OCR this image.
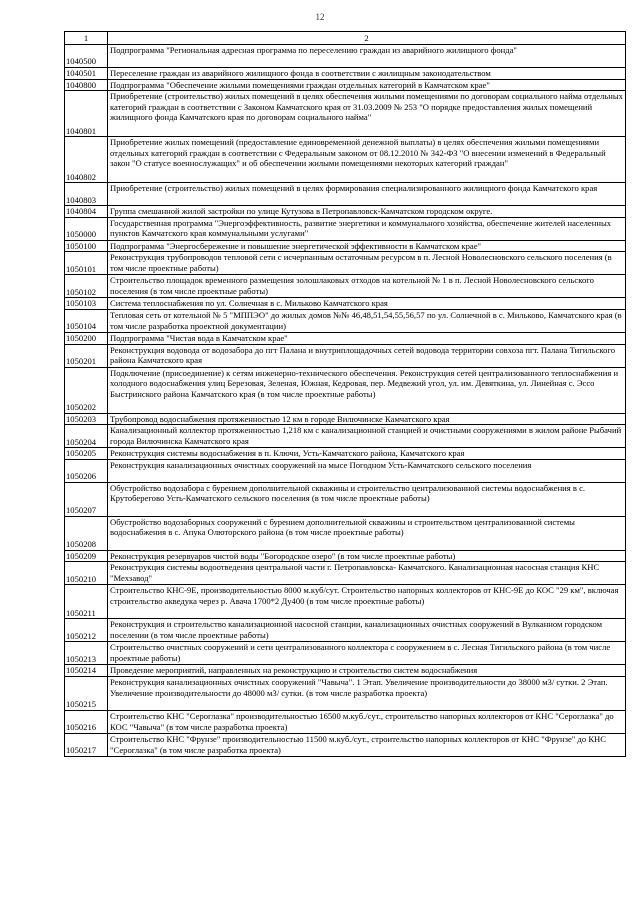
12
1	2
1040500	Подпрограмма "Региональная адресная программа по переселению граждан из аварийного жилищного фонда"
1040501	Переселение граждан из аварийного жилищного фонда в соответствии с жилищным законодательством
1040800	Подпрограмма "Обеспечение жилыми помещениями граждан отдельных категорий в Камчатском крае"
1040801	Приобретение (строительство) жилых помещений в целях обеспечения жилыми помещениями по договорам социального найма отдельных категорий граждан в соответствии с Законом Камчатского края от 31.03.2009 № 253 "О порядке предоставления жилых помещений жилищного фонда Камчатского края по договорам социального найма"
1040802	Приобретение жилых помещений (предоставление единовременной денежной выплаты) в целях обеспечения жилыми помещениями отдельных категорий граждан в соответствии с Федеральным законом от 08.12.2010 № 342-ФЗ "О внесении изменений в Федеральный закон "О статусе военнослужащих" и об обеспечении жилыми помещениями некоторых категорий граждан"
1040803	Приобретение (строительство) жилых помещений в целях формирования специализированного жилищного фонда Камчатского края
1040804	Группа смешанной жилой застройки по улице Кутузова в Петропавловск-Камчатском городском округе.
1050000	Государственная программа "Энергоэффективность, развитие энергетики и коммунального хозяйства, обеспечение жителей населенных пунктов Камчатского края коммунальными услугами"
1050100	Подпрограмма "Энергосбережение и повышение энергетической эффективности в Камчатском крае"
1050101	Реконструкция трубопроводов тепловой сети с исчерпанным остаточным ресурсом в п. Лесной Новолесновского сельского поселения (в том числе проектные работы)
1050102	Строительство площадок временного размещения золошлаковых отходов на котельной № 1 в п. Лесной Новолесновского сельского поселения (в том числе проектные работы)
1050103	Система теплоснабжения по ул. Солнечная в с. Мильково Камчатского края
1050104	Тепловая сеть от котельной № 5 "МППЭО" до жилых домов №№ 46,48,51,54,55,56,57 по ул. Солнечной в с. Мильково, Камчатского края (в том числе разработка проектной документации)
1050200	Подпрограмма "Чистая вода в Камчатском крае"
1050201	Реконструкция водовода от водозабора до пгт Палана и внутриплощадочных сетей водовода территории совхоза пгт. Палана Тигильского района Камчатского края
1050202	Подключение (присоединение) к сетям инженерно-технического обеспечения. Реконструкция сетей централизованного теплоснабжения и холодного водоснабжения улиц Березовая, Зеленая, Южная, Кедровая, пер. Медвежий угол, ул. им. Девяткина, ул. Линейная с. Эссо Быстринского района Камчатского края (в том числе проектные работы)
1050203	Трубопровод водоснабжения протяженностью 12 км в городе Вилючинске Камчатского края
1050204	Канализационный коллектор протяженностью 1,218 км с канализационной станцией и очистными сооружениями в жилом районе Рыбачий города Вилючинска Камчатского края
1050205	Реконструкция системы водоснабжения в п. Ключи, Усть-Камчатского района, Камчатского края
1050206	Реконструкция канализационных очистных сооружений на мысе Погодном Усть-Камчатского сельского поселения
1050207	Обустройство водозабора с бурением дополнительной скважины и строительство централизованной системы водоснабжения в с. Крутоберегово Усть-Камчатского сельского поселения (в том числе проектные работы)
1050208	Обустройство водозаборных сооружений с бурением дополнительной скважины и строительством централизованной системы водоснабжения в с. Апука Олюторского района (в том числе проектные работы)
1050209	Реконструкция резервуаров чистой воды "Богородское озеро" (в том числе проектные работы)
1050210	Реконструкция системы водоотведения центральной части г. Петропавловска- Камчатского. Канализационная насосная станция КНС "Мехзавод"
1050211	Строительство КНС-9Е, производительностью 8000 м.куб/сут. Строительство напорных коллекторов от КНС-9Е до КОС "29 км", включая строительство акведука через р. Авача 1700*2 Ду400 (в том числе проектные работы)
1050212	Реконструкция и строительство канализационной насосной станции, канализационных очистных сооружений в Вулканном городском поселении (в том числе проектные работы)
1050213	Строительство очистных сооружений и сети централизованного коллектора с сооружением в с. Лесная Тигильского района (в том числе проектные работы)
1050214	Проведение мероприятий, направленных на реконструкцию и строительство систем водоснабжения
1050215	Реконструкция канализационных очистных сооружений "Чавыча". 1 Этап. Увеличение производительности до 38000 м3/ сутки. 2 Этап. Увеличение производительности до 48000 м3/ сутки. (в том числе разработка проекта)
1050216	Строительство КНС "Сероглазка" производительностью 16500 м.куб./сут., строительство напорных коллекторов от КНС "Сероглазка" до КОС "Чавыча" (в том числе разработка проекта)
1050217	Строительство КНС "Фрунзе" производительностью 11500 м.куб./сут., строительство напорных коллекторов от КНС "Фрунзе" до КНС "Сероглазка" (в том числе разработка проекта)
